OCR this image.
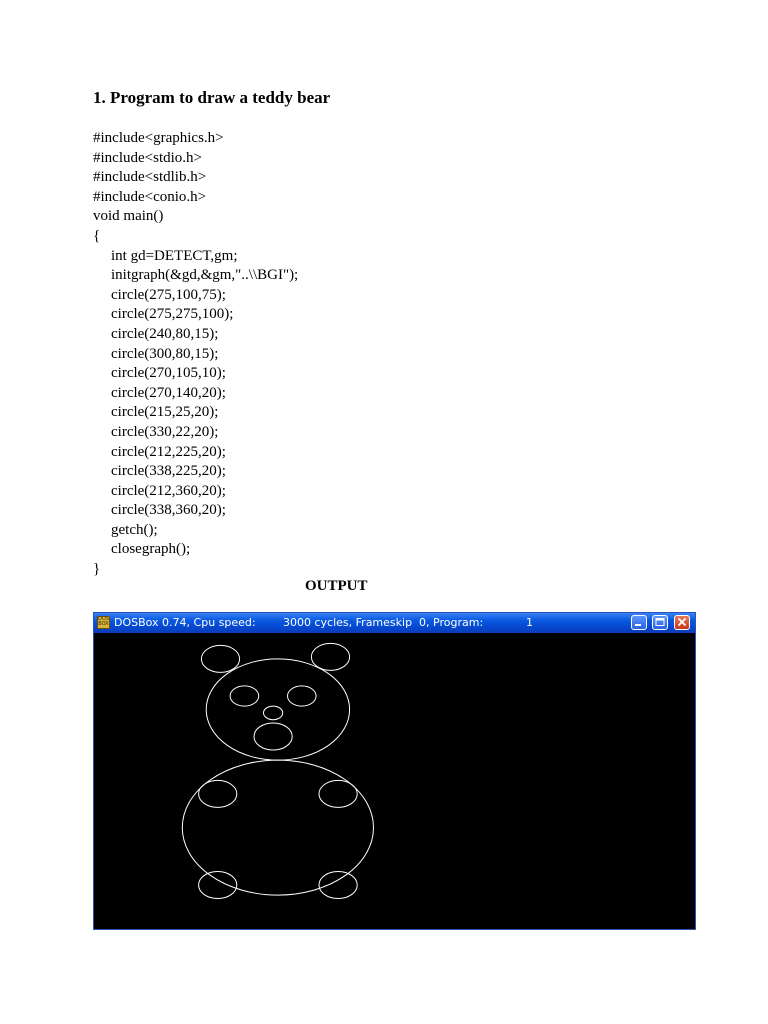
1. Program to draw a teddy bear
#include<graphics.h>
#include<stdio.h>
#include<stdlib.h>
#include<conio.h>
void main()
{
int gd=DETECT,gm;
initgraph(&gd,&gm,"..\\BGI");
circle(275,100,75);
circle(275,275,100);
circle(240,80,15);
circle(300,80,15);
circle(270,105,10);
circle(270,140,20);
circle(215,25,20);
circle(330,22,20);
circle(212,225,20);
circle(338,225,20);
circle(212,360,20);
circle(338,360,20);
getch();
closegraph();
}
OUTPUT
DOS BOX DOSBox 0.74, Cpu speed: 3000 cycles, Frameskip  0, Program:	1
